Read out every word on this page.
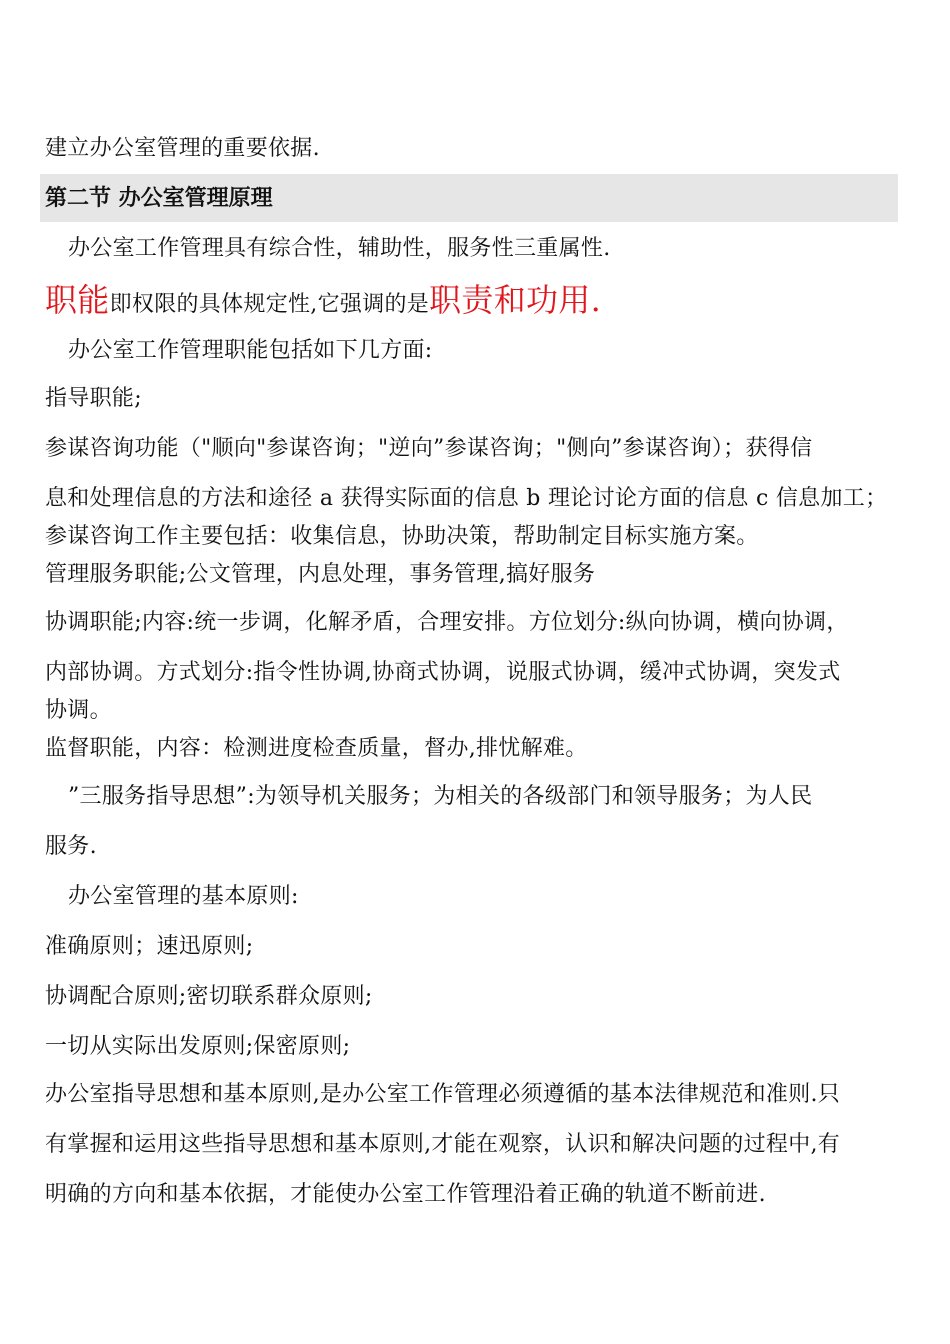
建立办公室管理的重要依据.
第二节 办公室管理原理
办公室工作管理具有综合性，辅助性，服务性三重属性.
职能即权限的具体规定性,它强调的是职责和功用.
办公室工作管理职能包括如下几方面:
指导职能;
参谋咨询功能（"顺向"参谋咨询；"逆向”参谋咨询；"侧向”参谋咨询）；获得信
息和处理信息的方法和途径 a 获得实际面的信息 b 理论讨论方面的信息 c 信息加工；
参谋咨询工作主要包括：收集信息，协助决策，帮助制定目标实施方案。
管理服务职能;公文管理，内息处理，事务管理,搞好服务
协调职能;内容:统一步调，化解矛盾，合理安排。方位划分:纵向协调，横向协调，
内部协调。方式划分:指令性协调,协商式协调，说服式协调，缓冲式协调，突发式
协调。
监督职能，内容：检测进度检查质量，督办,排忧解难。
”三服务指导思想”:为领导机关服务；为相关的各级部门和领导服务；为人民
服务.
办公室管理的基本原则:
准确原则；速迅原则;
协调配合原则;密切联系群众原则;
一切从实际出发原则;保密原则;
办公室指导思想和基本原则,是办公室工作管理必须遵循的基本法律规范和准则.只
有掌握和运用这些指导思想和基本原则,才能在观察，认识和解决问题的过程中,有
明确的方向和基本依据，才能使办公室工作管理沿着正确的轨道不断前进.
